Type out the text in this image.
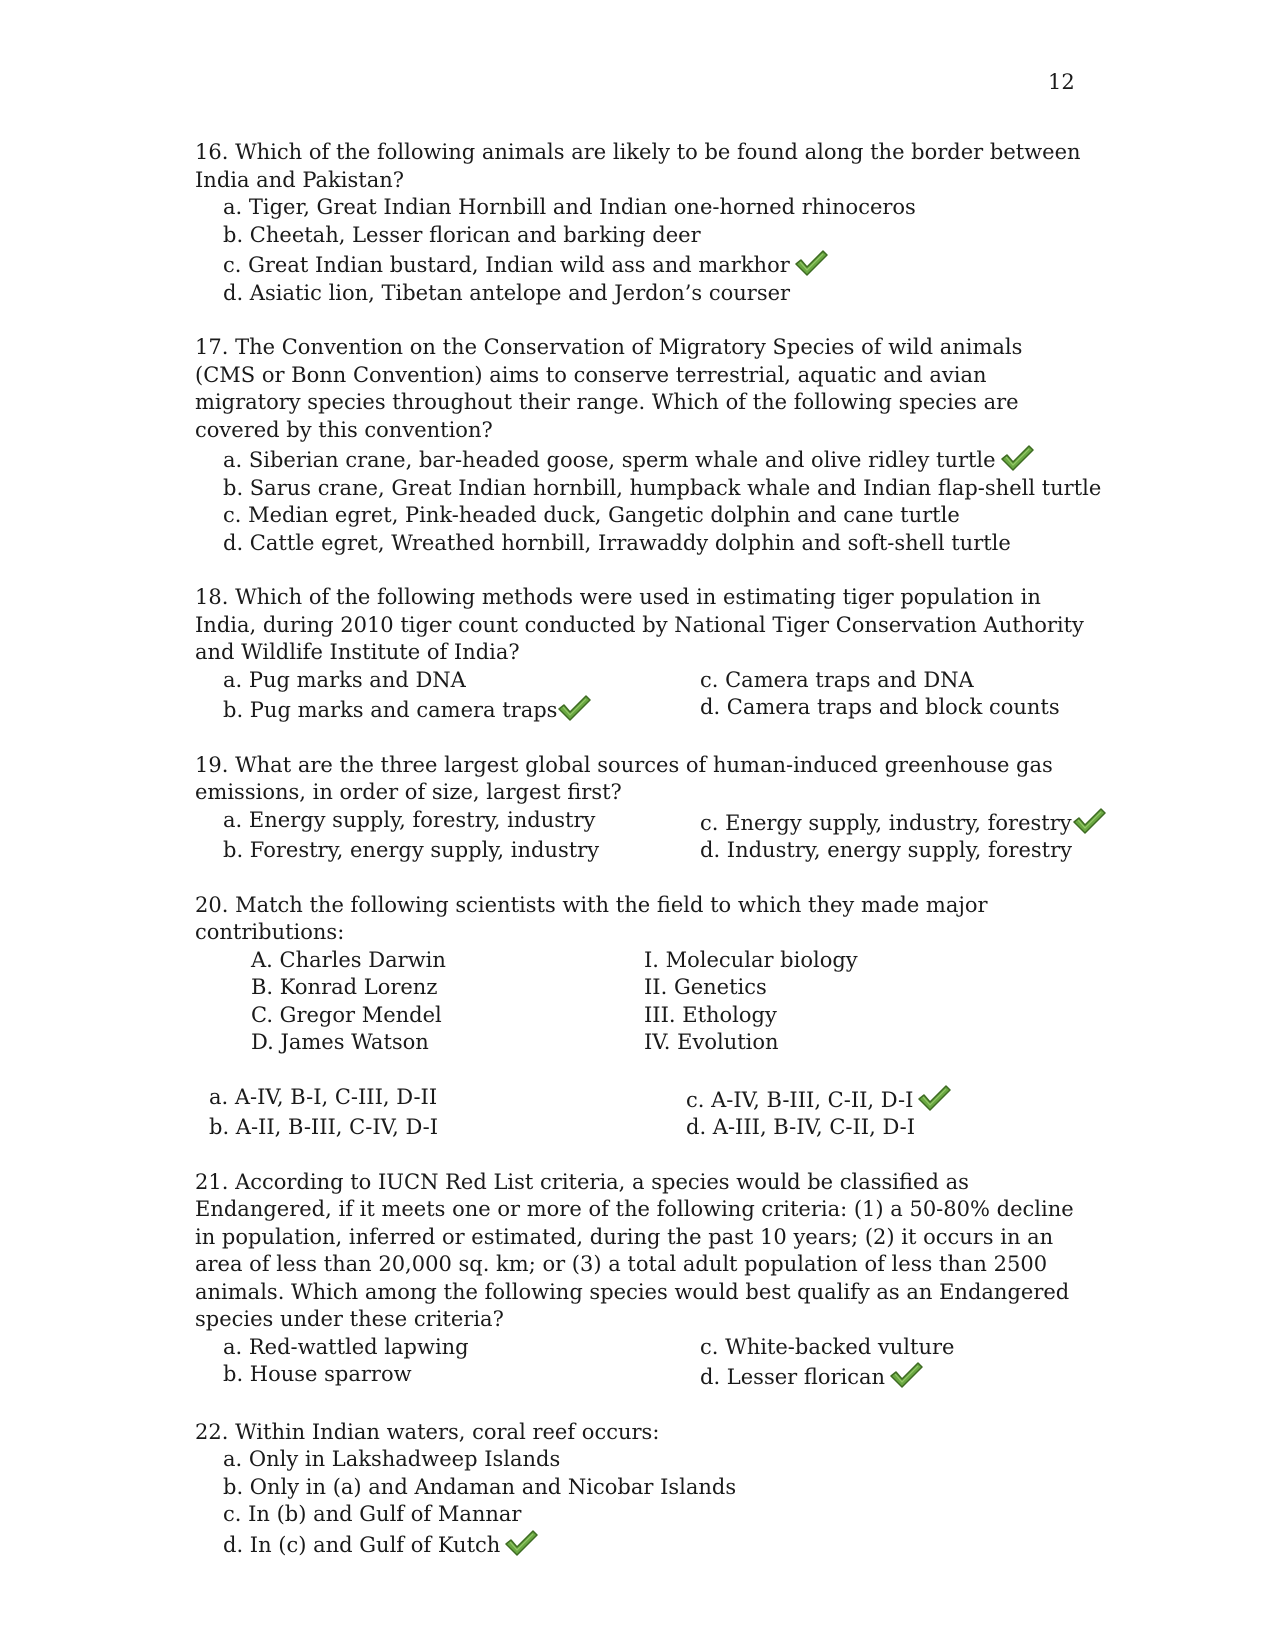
12
16. Which of the following animals are likely to be found along the border between India and Pakistan?
a. Tiger, Great Indian Hornbill and Indian one-horned rhinoceros
b. Cheetah, Lesser florican and barking deer
c. Great Indian bustard, Indian wild ass and markhor
d. Asiatic lion, Tibetan antelope and Jerdon’s courser
17. The Convention on the Conservation of Migratory Species of wild animals (CMS or Bonn Convention) aims to conserve terrestrial, aquatic and avian migratory species throughout their range. Which of the following species are covered by this convention?
a. Siberian crane, bar-headed goose, sperm whale and olive ridley turtle
b. Sarus crane, Great Indian hornbill, humpback whale and Indian flap-shell turtle
c. Median egret, Pink-headed duck, Gangetic dolphin and cane turtle
d. Cattle egret, Wreathed hornbill, Irrawaddy dolphin and soft-shell turtle
18. Which of the following methods were used in estimating tiger population in India, during 2010 tiger count conducted by National Tiger Conservation Authority and Wildlife Institute of India?
a. Pug marks and DNA	c. Camera traps and DNA
b. Pug marks and camera traps	d. Camera traps and block counts
19. What are the three largest global sources of human-induced greenhouse gas emissions, in order of size, largest first?
a. Energy supply, forestry, industry	c. Energy supply, industry, forestry
b. Forestry, energy supply, industry	d. Industry, energy supply, forestry
20. Match the following scientists with the field to which they made major contributions:
A. Charles Darwin	I. Molecular biology
B. Konrad Lorenz	II. Genetics
C. Gregor Mendel	III. Ethology
D. James Watson	IV. Evolution
a. A-IV, B-I, C-III, D-II	c. A-IV, B-III, C-II, D-I
b. A-II, B-III, C-IV, D-I	d. A-III, B-IV, C-II, D-I
21. According to IUCN Red List criteria, a species would be classified as Endangered, if it meets one or more of the following criteria: (1) a 50-80% decline in population, inferred or estimated, during the past 10 years; (2) it occurs in an area of less than 20,000 sq. km; or (3) a total adult population of less than 2500 animals. Which among the following species would best qualify as an Endangered species under these criteria?
a. Red-wattled lapwing	c. White-backed vulture
b. House sparrow	d. Lesser florican
22. Within Indian waters, coral reef occurs:
a. Only in Lakshadweep Islands
b. Only in (a) and Andaman and Nicobar Islands
c. In (b) and Gulf of Mannar
d. In (c) and Gulf of Kutch
